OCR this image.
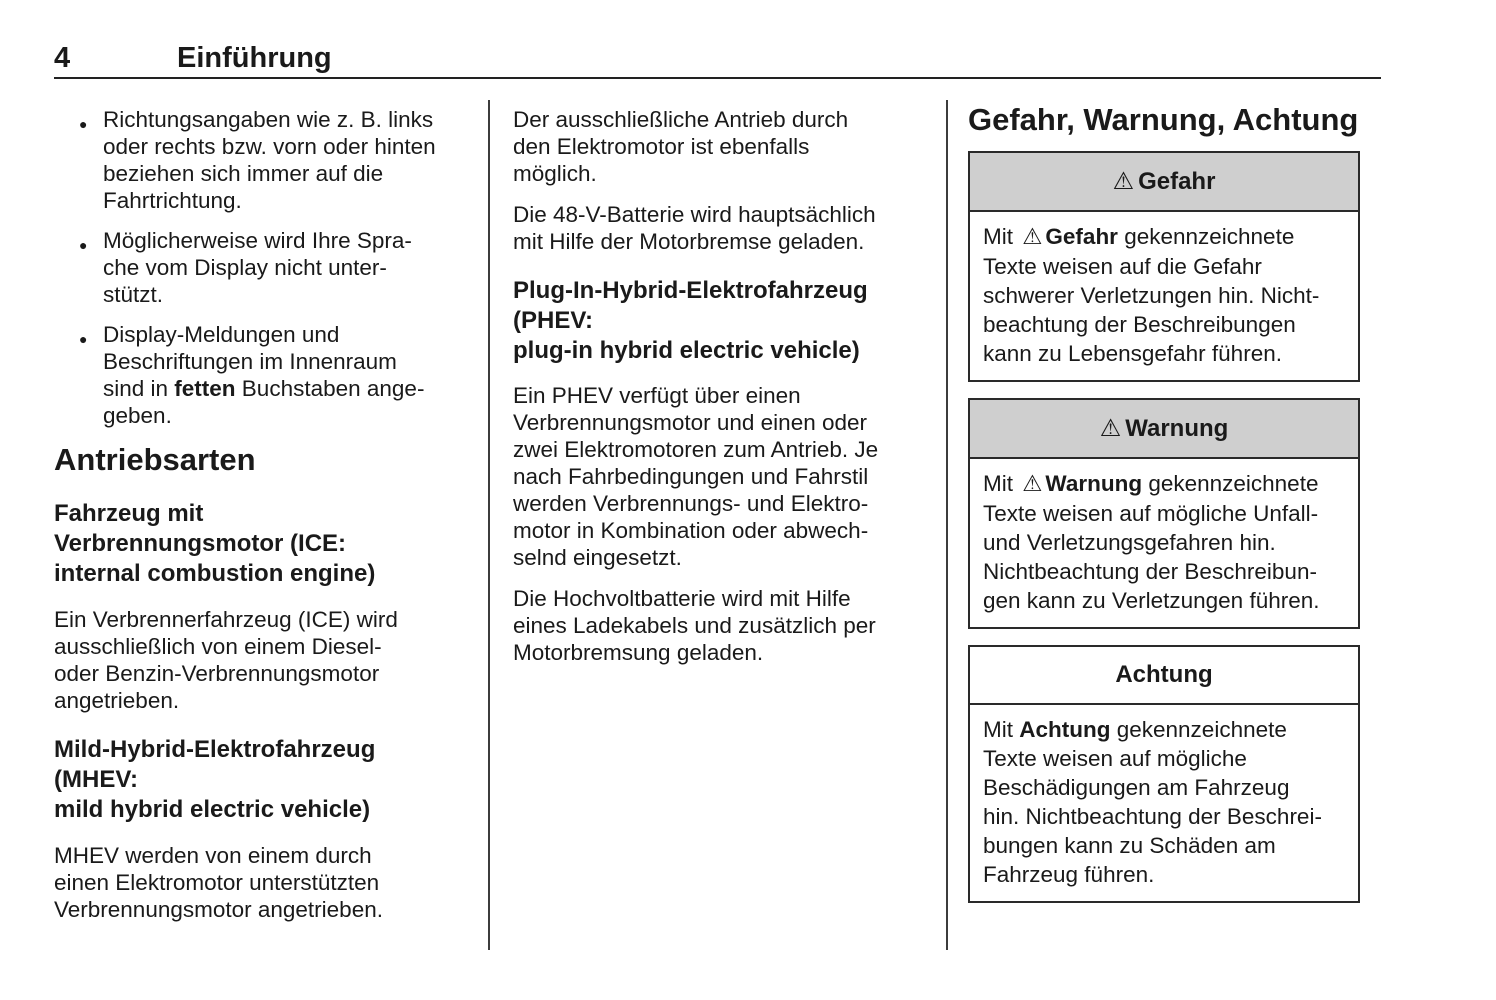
4	Einführung
● Richtungsangaben wie z. B. links
oder rechts bzw. vorn oder hinten
beziehen sich immer auf die
Fahrtrichtung.
● Möglicherweise wird Ihre Spra-
che vom Display nicht unter-
stützt.
● Display-Meldungen und
Beschriftungen im Innenraum
sind in fetten Buchstaben ange-
geben.
Antriebsarten
Fahrzeug mit
Verbrennungsmotor (ICE:
internal combustion engine)

Ein Verbrennerfahrzeug (ICE) wird
ausschließlich von einem Diesel-
oder Benzin-Verbrennungsmotor
angetrieben.

Mild-Hybrid-Elektrofahrzeug
(MHEV:
mild hybrid electric vehicle)

MHEV werden von einem durch
einen Elektromotor unterstützten
Verbrennungsmotor angetrieben.

Der ausschließliche Antrieb durch
den Elektromotor ist ebenfalls
möglich.

Die 48-V-Batterie wird hauptsächlich
mit Hilfe der Motorbremse geladen.

Plug-In-Hybrid-Elektrofahrzeug
(PHEV:
plug-in hybrid electric vehicle)

Ein PHEV verfügt über einen
Verbrennungsmotor und einen oder
zwei Elektromotoren zum Antrieb. Je
nach Fahrbedingungen und Fahrstil
werden Verbrennungs- und Elektro-
motor in Kombination oder abwech-
selnd eingesetzt.

Die Hochvoltbatterie wird mit Hilfe
eines Ladekabels und zusätzlich per
Motorbremsung geladen.

Gefahr, Warnung, Achtung
⚠ Gefahr

Mit ⚠ Gefahr gekennzeichnete
Texte weisen auf die Gefahr
schwerer Verletzungen hin. Nicht-
beachtung der Beschreibungen
kann zu Lebensgefahr führen.

⚠ Warnung

Mit ⚠ Warnung gekennzeichnete
Texte weisen auf mögliche Unfall-
und Verletzungsgefahren hin.
Nichtbeachtung der Beschreibun-
gen kann zu Verletzungen führen.

Achtung

Mit Achtung gekennzeichnete
Texte weisen auf mögliche
Beschädigungen am Fahrzeug
hin. Nichtbeachtung der Beschrei-
bungen kann zu Schäden am
Fahrzeug führen.
